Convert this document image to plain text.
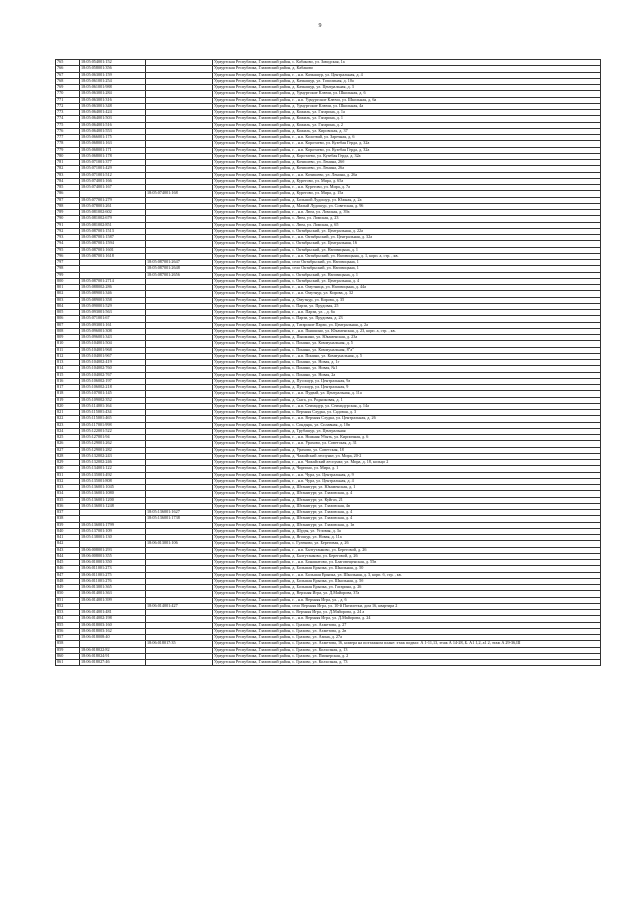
9
765	18:05:054001:152		Удмуртская Республика, Глазовский район, с. Кабаково, ул. Заводская, 1а
766	18:05:058001:356		Удмуртская Республика, Глазовский район, д. Кабаково
767	18:05:063001:159		Удмуртская Республика, Глазовский район, г. , н.п. Качкашур, ул. Центральная, д. 4
768	18:05:061001:254		Удмуртская Республика, Глазовский район, д. Качкашур, ул. Тополиная, д. 10а
769	18:05:061001:988		Удмуртская Республика, Глазовский район, д. Качкашур, ул. Центральная, д. 3
770	18:05:063001:284		Удмуртская Республика, Глазовский район, д. Удмуртские Ключи, ул. Школьная, д. 6
771	18:05:063001:316		Удмуртская Республика, Глазовский район, г. , н.п. Удмуртские Ключи, ул. Школьная, д. 6а
772	18:05:063001:348		Удмуртская Республика, Глазовский район, д. Удмуртские Ключи, ул. Школьная, 4а
773	18:05:064001:424		Удмуртская Республика, Глазовский район, д. Кожиль, ул. Гагарина, д. 1а
774	18:05:064001:503		Удмуртская Республика, Глазовский район, д. Кожиль, ул. Гагарина, д. 1
775	18:05:064001:516		Удмуртская Республика, Глазовский район, д. Кожиль, ул. Гагарина, д. 2
776	18:05:064001:553		Удмуртская Республика, Глазовский район, д. Кожиль, ул. Кировская, д. 37
777	18:05:066001:175		Удмуртская Республика, Глазовский район, г. , н.п. Колотвай, ул. Заречная, д. 6
778	18:05:068001:163		Удмуртская Республика, Глазовский район, г. , н.п. Коротаево, ул. Кузебая Герда, д. 32а
779	18:05:068001:171		Удмуртская Республика, Глазовский район, г. , н.п. Коротаево, ул. Кузебая Герда, д. 32а
780	18:05:068001:178		Удмуртская Республика, Глазовский район, д. Коротаево, ул. Кузебая Герда, д. 32а
781	18:05:071001:377		Удмуртская Республика, Глазовский район, д. Кочишево, ул. Ленина, 26б
782	18:05:071001:429		Удмуртская Республика, Глазовский район, д. Кочишево, ул. Ленина, 26а
783	18:05:071001:512		Удмуртская Республика, Глазовский район, г. , н.п. Кочишево, ул. Ленина, д. 26а
784	18:05:074001:166		Удмуртская Республика, Глазовский район, д. Курегово, ул. Мира, д. 65а
785	18:05:074001:167		Удмуртская Республика, Глазовский район, г. , н.п. Курегово, ул. Мира, д. 7а
786		18:05:074001:168	Удмуртская Республика, Глазовский район, д. Курегово, ул. Мира, д. 15а
787	18:05:077001:279		Удмуртская Республика, Глазовский район, д. Большой Лудошур, ул. Южная, д. 2а
788	18:05:078001:261		Удмуртская Республика, Глазовский район, д. Малый Лудошур, ул. Советская, д. 96
789	18:05:081002:602		Удмуртская Республика, Глазовский район, г. , н.п. Люм, ул. Ломская, д. 39а
790	18:05:081002:679		Удмуртская Республика, Глазовский район, с. Люм, ул. Ломская, д. 23
791	18:05:081002:851		Удмуртская Республика, Глазовский район, с. Люм, ул. Ломская, д. 65
792	18:05:087001:1513		Удмуртская Республика, Глазовский район, с. Октябрьский, ул. Центральная, д. 22а
793	18:05:087001:1587		Удмуртская Республика, Глазовский район, г. , н.п. Октябрьский, ул. Центральная, д. 32а
794	18:05:087001:1594		Удмуртская Республика, Глазовский район, с. Октябрьский, ул. Центральная, 16
795	18:05:087001:1601		Удмуртская Республика, Глазовский район, с. Октябрьский, ул. Наговицына, д. 1
796	18:05:087001:1618		Удмуртская Республика, Глазовский район, г. , н.п. Октябрьский, ул. Наговицына, д. 1, корп. а, стр. , кв.
797		18:05:087001:2647	Удмуртская Республика, Глазовский район, село Октябрьский, ул. Наговицына, 1
798		18:05:087001:2648	Удмуртская Республика, Глазовский район, село Октябрьский, ул. Наговицына, 1
799		18:05:087001:2656	Удмуртская Республика, Глазовский район, с. Октябрьский, ул. Наговицына, д. 1
800	18:05:087001:2714		Удмуртская Республика, Глазовский район, с. Октябрьский, ул. Центральная, д. 4
801	18:05:088002:286		Удмуртская Республика, Глазовский район, г. , н.п. Омутница, ул. Наговицына, д. 44а
802	18:05:089001:346		Удмуртская Республика, Глазовский район, г. , н.п. Омутнур, ул. Кирова, д. 32
803	18:05:089001:358		Удмуртская Республика, Глазовский район, д. Омутнур, ул. Кирова, д. 35
804	18:05:090001:529		Удмуртская Республика, Глазовский район, с. Парзи, ул. Прудовая, 25
805	18:05:093001:563		Удмуртская Республика, Глазовский район, г. , н.п. Парзи, ул. , д. 6а
806	18:05:071001:67		Удмуртская Республика, Глазовский район, с. Парзи, ул. Прудовая, д. 23
807	18:05:093001:161		Удмуртская Республика, Глазовский район, д. Татарские Парзи, ул. Центральная, д. 2а
808	18:05:096001:308		Удмуртская Республика, Глазовский район, г. , н.п. Пышкино, ул. Юкаменская, д. 23, корп. а, стр. , кв.
809	18:05:096001:343		Удмуртская Республика, Глазовский район, д. Пышкино, ул. Юкаменская, д. 23а
810	18:05:104001:504		Удмуртская Республика, Глазовский район, с. Понино, ул. Коммунальная, д. 5
811	18:05:104001:968		Удмуртская Республика, Глазовский район, с. Понино, ул. Коммунальная, 8"а"
812	18:05:104001:967		Удмуртская Республика, Глазовский район, г. , н.п. Понино, ул. Коммунальная, д. 5
813	18:05:104002:419		Удмуртская Республика, Глазовский район, с. Понино, ул. Новая, д. 1г
814	18:05:104002:760		Удмуртская Республика, Глазовский район, с. Понино, ул. Новая, №1
815	18:05:104002:767		Удмуртская Республика, Глазовский район, с. Понино, ул. Новая, 2а
816	18:05:106002:197		Удмуртская Республика, Глазовский район, д. Пусошур, ул. Центральная, 9а
817	18:05:106002:218		Удмуртская Республика, Глазовский район, д. Пусошур, ул. Центральная, 9
818	18:05:107001:145		Удмуртская Республика, Глазовский район, г. , н.п. Пудвай, ул. Центральная, д. 11а
819	18:05:109002:352		Удмуртская Республика, Глазовский район, д. Сыга, ул. Родниковая, д. 1
820	18:05:114001:164		Удмуртская Республика, Глазовский район, г. , н.п. Сеимадур, ул. Сеимадурская, д. 14а
821	18:05:115001:434		Удмуртская Республика, Глазовский район, с. Верхняя Слудка, ул. Садовая, д. 3
822	18:05:115001:465		Удмуртская Республика, Глазовский район, г. , н.п. Верхняя Слудка, ул. Центральная, д. 26
823	18:05:117001:998		Удмуртская Республика, Глазовский район, с. Сондырь, ул. Сплавная, д. 10в
824	18:05:122001:522		Удмуртская Республика, Глазовский район, д. Трубашур, ул. Центральная
825	18:05:127001:94		Удмуртская Республика, Глазовский район, г. , н.п. Нижняя Убыть, ул. Кирпичная, д. 6
826	18:05:129001:262		Удмуртская Республика, Глазовский район, г. , н.п. Урахово, ул. Советская, д. 31
827	18:05:129001:282		Удмуртская Республика, Глазовский район, д. Урахово, ул. Советская, 18
828	18:05:132002:243		Удмуртская Республика, Глазовский район, д. Чажайский леспункт, ул. Мира, 20-2
829	18:05:132002:246		Удмуртская Республика, Глазовский район, г. , н.п. Чажайский леспункт, ул. Мира, д. 18, кольцо 2
830	18:05:134001:122		Удмуртская Республика, Глазовский район, д. Чиргино, ул. Мира, д. 1
831	18:05:135001:492		Удмуртская Республика, Глазовский район, г. , н.п. Чура, ул. Центральная, д. 9
832	18:05:135001:808		Удмуртская Республика, Глазовский район, г. , н.п. Чура, ул. Центральная, д. 4
833	18:05:136001:1045		Удмуртская Республика, Глазовский район, д. Штанигурт, ул. Юкаменская, д. 1
834	18:05:136001:1080		Удмуртская Республика, Глазовский район, д. Штанигурт, ул. Глазовская, д. 4
835	18:05:136001:1200		Удмуртская Республика, Глазовский район, д. Штанигурт, ул. Куйгаз, 21
836	18:05:136001:1248		Удмуртская Республика, Глазовский район, д. Штанигурт, ул. Глазовская, 4в
837		18:05:136001:1627	Удмуртская Республика, Глазовский район, д. Штанигурт, ул. Глазовская, д. 4
838		18:05:136001:1738	Удмуртская Республика, Глазовский район, д. Штанигурт, ул. Глазовская, д. 4
839	18:05:136001:1799		Удмуртская Республика, Глазовский район, д. Штанигурт, ул. Глазовская, д. 1в
840	18:05:137001:109		Удмуртская Республика, Глазовский район, д. Шудзя, ул. Угловая, д. 3а
841	18:05:138001:130		Удмуртская Республика, Глазовский район, д. Ягошур, ул. Новая, д. 11а
842		18:06:013001:106	Удмуртская Республика, Глазовский район, с. Гулеково, ул. Береговая, д. 26
843	18:06:008001:293		Удмуртская Республика, Глазовский район, г. , н.п. Балтутанково, ул. Береговой, д. 26
844	18:06:008001:355		Удмуртская Республика, Глазовский район, д. Балтутанково, ул. Береговой, д. 26
845	18:06:010001:350		Удмуртская Республика, Глазовский район, г. , н.п. Бонашатово, ул. Благовещенская, д. 55в
846	18:06:011001:273		Удмуртская Республика, Глазовский район, д. Большая Ерыпка, ул. Школьная, д. 50
847	18:06:011001:275		Удмуртская Республика, Глазовский район, г. , н.п. Большая Ерыпка, ул. Школьная, д. 3, корп. б, стр. , кв.
848	18:06:011001:276		Удмуртская Республика, Глазовский район, д. Большая Ерыпка, ул. Школьная, д. 5б
849	18:06:013001:365		Удмуртская Республика, Глазовский район, д. Большая Ерыпка, ул. Гагарина, д. 26
850	18:06:014001:363		Удмуртская Республика, Глазовский район, д. Верхняя Игра, ул. Д.Майорова, 37а
851	18:06:014001:399		Удмуртская Республика, Глазовский район, г. , н.п. Верхняя Игра, ул. , д. 6
852		18:06:014001:427	Удмуртская Республика, Глазовский район, село Верхняя Игра, ул. 10-й Пятилетки, дом 16, квартира 2
853	18:06:014001:481		Удмуртская Республика, Глазовский район, с. Верхняя Игра, ул. Д.Майорова, д. 24 а
854	18:06:014002:198		Удмуртская Республика, Глазовский район, г. , н.п. Верхняя Игра, ул. Д.Майорова, д. 24
855	18:06:018003:160		Удмуртская Республика, Глазовский район, с. Грахово, ул. Ахметова, д. 27
856	18:06:018003:162		Удмуртская Республика, Глазовский район, с. Грахово, ул. Ахметова, д. 2в
857	18:06:018008:40		Удмуртская Республика, Глазовский район, с. Грахово, ул. Азина, д. 27а
858		18:06:018017:35	Удмуртская Республика, Глазовский район, с. Грахово, ул. Ахметова, 16, номера на поэтажном плане: этаж подвал: А 1-11,13, этаж А 14-28, Б. А1 1,2, а1 2, этаж А 29-36,Ш
859	18:06:018022:82		Удмуртская Республика, Глазовский район, с. Грахово, ул. Колхозная, д. 13
860	18:06:018024:91		Удмуртская Республика, Глазовский район, с. Грахово, ул. Пионерская, д. 2
861	18:06:018027:46		Удмуртская Республика, Глазовский район, с. Грахово, ул. Колхозная, д. 73
